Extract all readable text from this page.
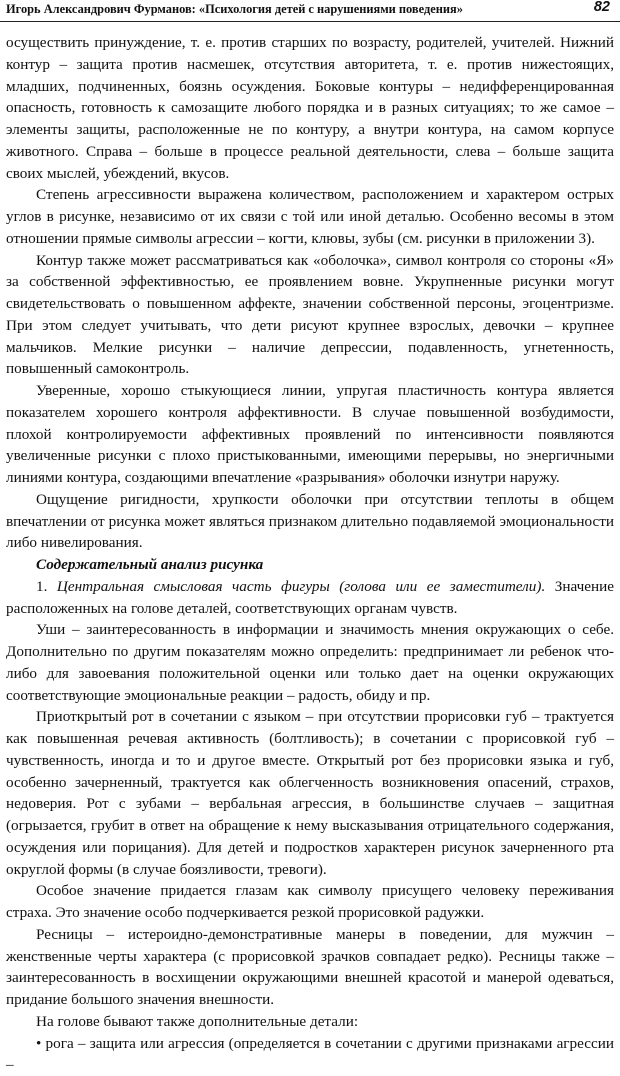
Игорь Александрович Фурманов: «Психология детей с нарушениями поведения»	82

осуществить принуждение, т. е. против старших по возрасту, родителей, учителей. Нижний контур – защита против насмешек, отсутствия авторитета, т. е. против нижестоящих, младших, подчиненных, боязнь осуждения. Боковые контуры – недифференцированная опасность, готовность к самозащите любого порядка и в разных ситуациях; то же самое – элементы защиты, расположенные не по контуру, а внутри контура, на самом корпусе животного. Справа – больше в процессе реальной деятельности, слева – больше защита своих мыслей, убеждений, вкусов.

Степень агрессивности выражена количеством, расположением и характером острых углов в рисунке, независимо от их связи с той или иной деталью. Особенно весомы в этом отношении прямые символы агрессии – когти, клювы, зубы (см. рисунки в приложении 3).

Контур также может рассматриваться как «оболочка», символ контроля со стороны «Я» за собственной эффективностью, ее проявлением вовне. Укрупненные рисунки могут свидетельствовать о повышенном аффекте, значении собственной персоны, эгоцентризме. При этом следует учитывать, что дети рисуют крупнее взрослых, девочки – крупнее мальчиков. Мелкие рисунки – наличие депрессии, подавленность, угнетенность, повышенный самоконтроль.

Уверенные, хорошо стыкующиеся линии, упругая пластичность контура является показателем хорошего контроля аффективности. В случае повышенной возбудимости, плохой контролируемости аффективных проявлений по интенсивности появляются увеличенные рисунки с плохо пристыкованными, имеющими перерывы, но энергичными линиями контура, создающими впечатление «разрывания» оболочки изнутри наружу.

Ощущение ригидности, хрупкости оболочки при отсутствии теплоты в общем впечатлении от рисунка может являться признаком длительно подавляемой эмоциональности либо нивелирования.

Содержательный анализ рисунка

1. Центральная смысловая часть фигуры (голова или ее заместители). Значение расположенных на голове деталей, соответствующих органам чувств.

Уши – заинтересованность в информации и значимость мнения окружающих о себе. Дополнительно по другим показателям можно определить: предпринимает ли ребенок что-либо для завоевания положительной оценки или только дает на оценки окружающих соответствующие эмоциональные реакции – радость, обиду и пр.

Приоткрытый рот в сочетании с языком – при отсутствии прорисовки губ – трактуется как повышенная речевая активность (болтливость); в сочетании с прорисовкой губ – чувственность, иногда и то и другое вместе. Открытый рот без прорисовки языка и губ, особенно зачерненный, трактуется как облегченность возникновения опасений, страхов, недоверия. Рот с зубами – вербальная агрессия, в большинстве случаев – защитная (огрызается, грубит в ответ на обращение к нему высказывания отрицательного содержания, осуждения или порицания). Для детей и подростков характерен рисунок зачерненного рта округлой формы (в случае боязливости, тревоги).

Особое значение придается глазам как символу присущего человеку переживания страха. Это значение особо подчеркивается резкой прорисовкой радужки.

Ресницы – истероидно-демонстративные манеры в поведении, для мужчин – женственные черты характера (с прорисовкой зрачков совпадает редко). Ресницы также – заинтересованность в восхищении окружающими внешней красотой и манерой одеваться, придание большого значения внешности.

На голове бывают также дополнительные детали:

• рога – защита или агрессия (определяется в сочетании с другими признаками агрессии –
